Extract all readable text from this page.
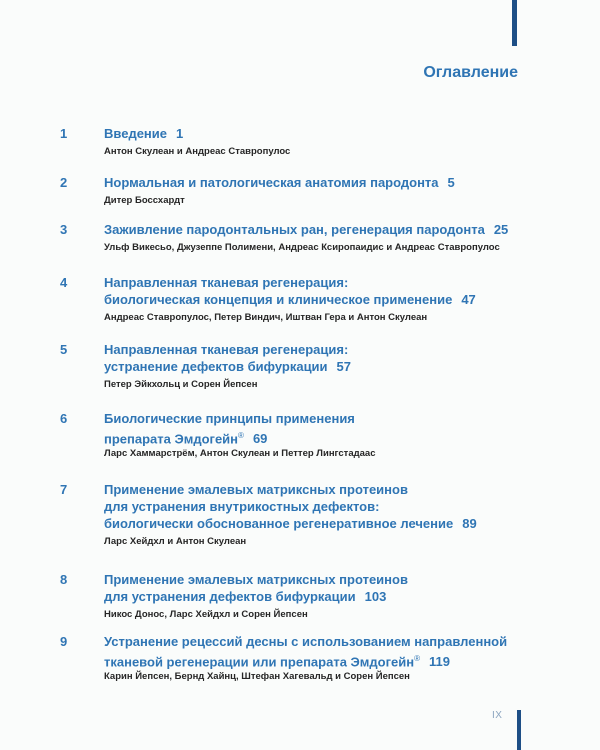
Оглавление
1	Введение 1
Антон Скулеан и Андреас Ставропулос
2	Нормальная и патологическая анатомия пародонта 5
Дитер Боссхардт
3	Заживление пародонтальных ран, регенерация пародонта 25
Ульф Викесьо, Джузеппе Полимени, Андреас Ксиропаидис и Андреас Ставропулос
4	Направленная тканевая регенерация:
биологическая концепция и клиническое применение 47
Андреас Ставропулос, Петер Виндич, Иштван Гера и Антон Скулеан
5	Направленная тканевая регенерация:
устранение дефектов бифуркации 57
Петер Эйкхольц и Сорен Йепсен
6	Биологические принципы применения
препарата Эмдогейн® 69
Ларс Хаммарстрём, Антон Скулеан и Петтер Лингстадаас
7	Применение эмалевых матриксных протеинов
для устранения внутрикостных дефектов:
биологически обоснованное регенеративное лечение 89
Ларс Хейдхл и Антон Скулеан
8	Применение эмалевых матриксных протеинов
для устранения дефектов бифуркации 103
Никос Донос, Ларс Хейдхл и Сорен Йепсен
9	Устранение рецессий десны с использованием направленной
тканевой регенерации или препарата Эмдогейн® 119
Карин Йепсен, Бернд Хайнц, Штефан Хагевальд и Сорен Йепсен
IX
